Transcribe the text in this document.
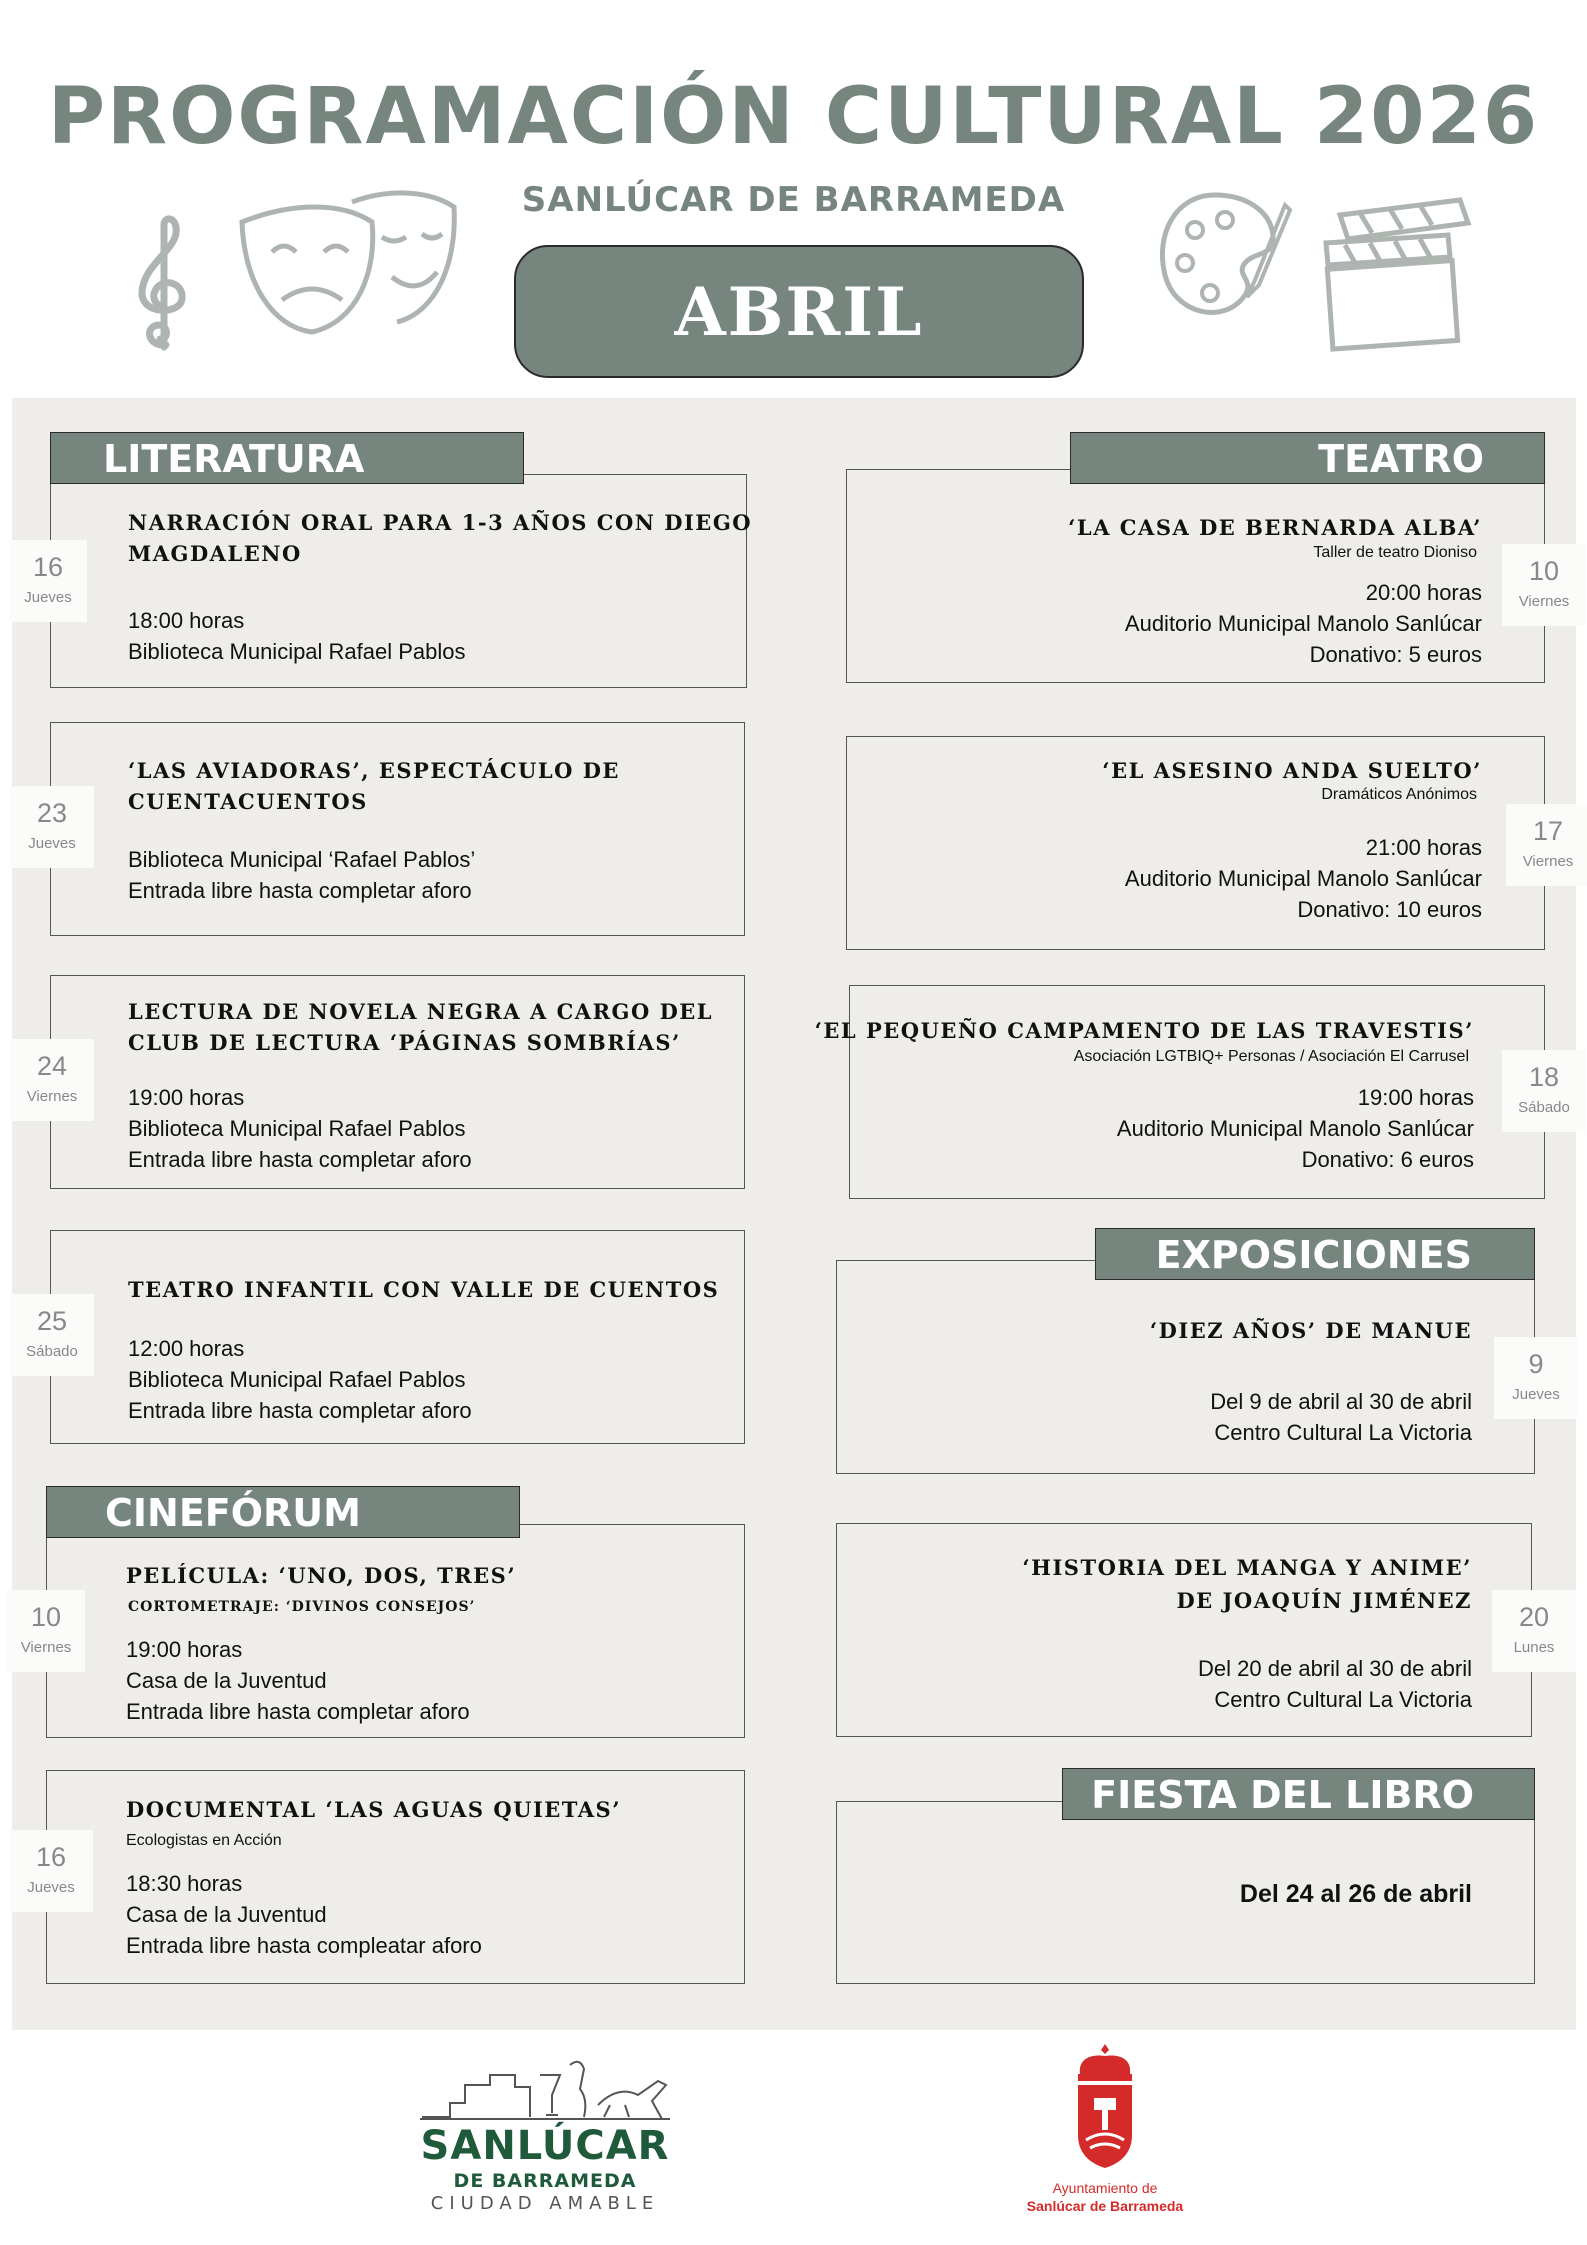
PROGRAMACIÓN CULTURAL 2026
SANLÚCAR DE BARRAMEDA
ABRIL
LITERATURA
NARRACIÓN ORAL PARA 1-3 AÑOS CON DIEGO
MAGDALENO
18:00 horas
Biblioteca Municipal Rafael Pablos
16
Jueves
‘LAS AVIADORAS’, ESPECTÁCULO DE
CUENTACUENTOS
Biblioteca Municipal ‘Rafael Pablos’
Entrada libre hasta completar aforo
23
Jueves
LECTURA DE NOVELA NEGRA A CARGO DEL
CLUB DE LECTURA ‘PÁGINAS SOMBRÍAS’
19:00 horas
Biblioteca Municipal Rafael Pablos
Entrada libre hasta completar aforo
24
Viernes
TEATRO INFANTIL CON VALLE DE CUENTOS
12:00 horas
Biblioteca Municipal Rafael Pablos
Entrada libre hasta completar aforo
25
Sábado
CINEFÓRUM
PELÍCULA: ‘UNO, DOS, TRES’
CORTOMETRAJE: ‘DIVINOS CONSEJOS’
19:00 horas
Casa de la Juventud
Entrada libre hasta completar aforo
10
Viernes
DOCUMENTAL ‘LAS AGUAS QUIETAS’
Ecologistas en Acción
18:30 horas
Casa de la Juventud
Entrada libre hasta compleatar aforo
16
Jueves
TEATRO
‘LA CASA DE BERNARDA ALBA’
Taller de teatro Dioniso
20:00 horas
Auditorio Municipal Manolo Sanlúcar
Donativo: 5 euros
10
Viernes
‘EL ASESINO ANDA SUELTO’
Dramáticos Anónimos
21:00 horas
Auditorio Municipal Manolo Sanlúcar
Donativo: 10 euros
17
Viernes
‘EL PEQUEÑO CAMPAMENTO DE LAS TRAVESTIS’
Asociación LGTBIQ+ Personas / Asociación El Carrusel
19:00 horas
Auditorio Municipal Manolo Sanlúcar
Donativo: 6 euros
18
Sábado
EXPOSICIONES
‘DIEZ AÑOS’ DE MANUE
Del 9 de abril al 30 de abril
Centro Cultural La Victoria
9
Jueves
‘HISTORIA DEL MANGA Y ANIME’
DE JOAQUÍN JIMÉNEZ
Del 20 de abril al 30 de abril
Centro Cultural La Victoria
20
Lunes
FIESTA DEL LIBRO
Del 24 al 26 de abril
SANLÚCAR
DE BARRAMEDA
CIUDAD AMABLE
Ayuntamiento de
Sanlúcar de Barrameda
